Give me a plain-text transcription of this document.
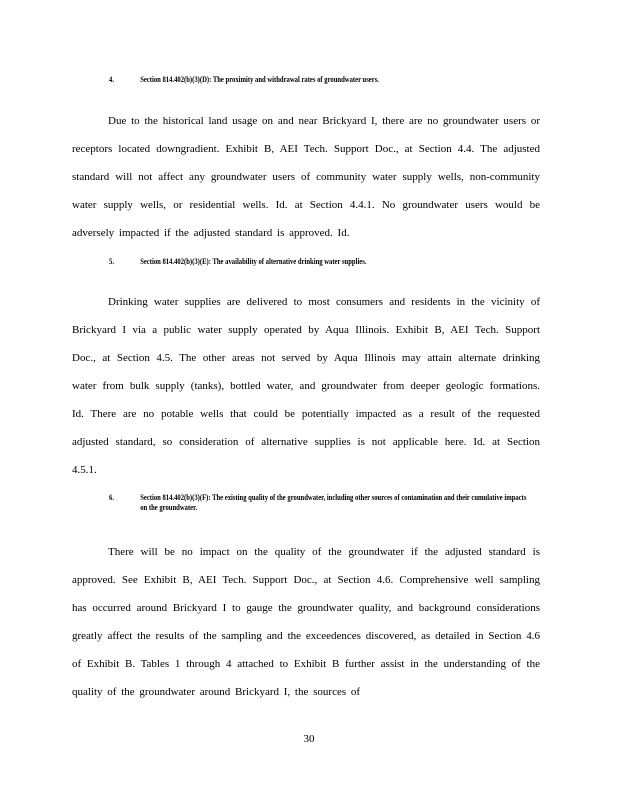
4.	Section 814.402(b)(3)(D): The proximity and withdrawal rates of groundwater users.

Due to the historical land usage on and near Brickyard I, there are no groundwater users or receptors located downgradient. Exhibit B, AEI Tech. Support Doc., at Section 4.4. The adjusted standard will not affect any groundwater users of community water supply wells, non-community water supply wells, or residential wells. Id. at Section 4.4.1. No groundwater users would be adversely impacted if the adjusted standard is approved. Id.

5.	Section 814.402(b)(3)(E): The availability of alternative drinking water supplies.

Drinking water supplies are delivered to most consumers and residents in the vicinity of Brickyard I via a public water supply operated by Aqua Illinois. Exhibit B, AEI Tech. Support Doc., at Section 4.5. The other areas not served by Aqua Illinois may attain alternate drinking water from bulk supply (tanks), bottled water, and groundwater from deeper geologic formations. Id. There are no potable wells that could be potentially impacted as a result of the requested adjusted standard, so consideration of alternative supplies is not applicable here. Id. at Section 4.5.1.

6.	Section 814.402(b)(3)(F): The existing quality of the groundwater, including other sources of contamination and their cumulative impacts on the groundwater.

There will be no impact on the quality of the groundwater if the adjusted standard is approved. See Exhibit B, AEI Tech. Support Doc., at Section 4.6. Comprehensive well sampling has occurred around Brickyard I to gauge the groundwater quality, and background considerations greatly affect the results of the sampling and the exceedences discovered, as detailed in Section 4.6 of Exhibit B. Tables 1 through 4 attached to Exhibit B further assist in the understanding of the quality of the groundwater around Brickyard I, the sources of

30
